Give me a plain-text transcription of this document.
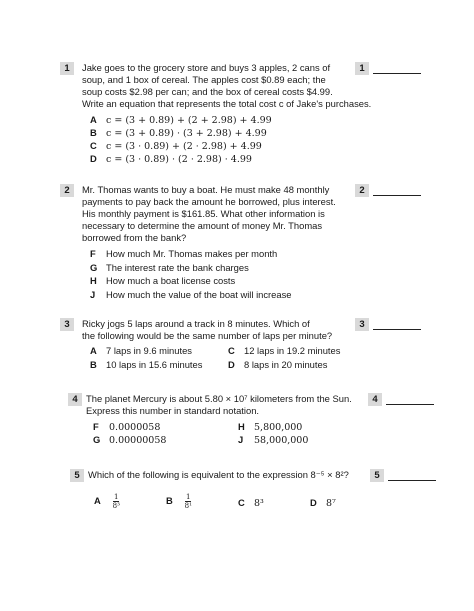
1	Jake goes to the grocery store and buys 3 apples, 2 cans of
soup, and 1 box of cereal. The apples cost $0.89 each; the
soup costs $2.98 per can; and the box of cereal costs $4.99.
Write an equation that represents the total cost c of Jake's purchases.
1
A c = (3 + 0.89) + (2 + 2.98) + 4.99
B c = (3 + 0.89) · (3 + 2.98) + 4.99
C c = (3 · 0.89) + (2 · 2.98) + 4.99
D c = (3 · 0.89) · (2 · 2.98) · 4.99
2	Mr. Thomas wants to buy a boat. He must make 48 monthly
payments to pay back the amount he borrowed, plus interest.
His monthly payment is $161.85. What other information is
necessary to determine the amount of money Mr. Thomas
borrowed from the bank?
2
F How much Mr. Thomas makes per month
G The interest rate the bank charges
H How much a boat license costs
J How much the value of the boat will increase
3	Ricky jogs 5 laps around a track in 8 minutes. Which of
the following would be the same number of laps per minute?
3
A 7 laps in 9.6 minutes	C 12 laps in 19.2 minutes
B 10 laps in 15.6 minutes	D 8 laps in 20 minutes
4 The planet Mercury is about 5.80 × 10⁷ kilometers from the Sun.
Express this number in standard notation.
4
F 0.0000058	H 5,800,000
G 0.00000058	J 58,000,000
5 Which of the following is equivalent to the expression 8⁻⁵ × 8²?	5
A $\frac{1}{\text{8³}}$	B $\frac{1}{\text{8¹}}$	C 8³	D 8⁷
